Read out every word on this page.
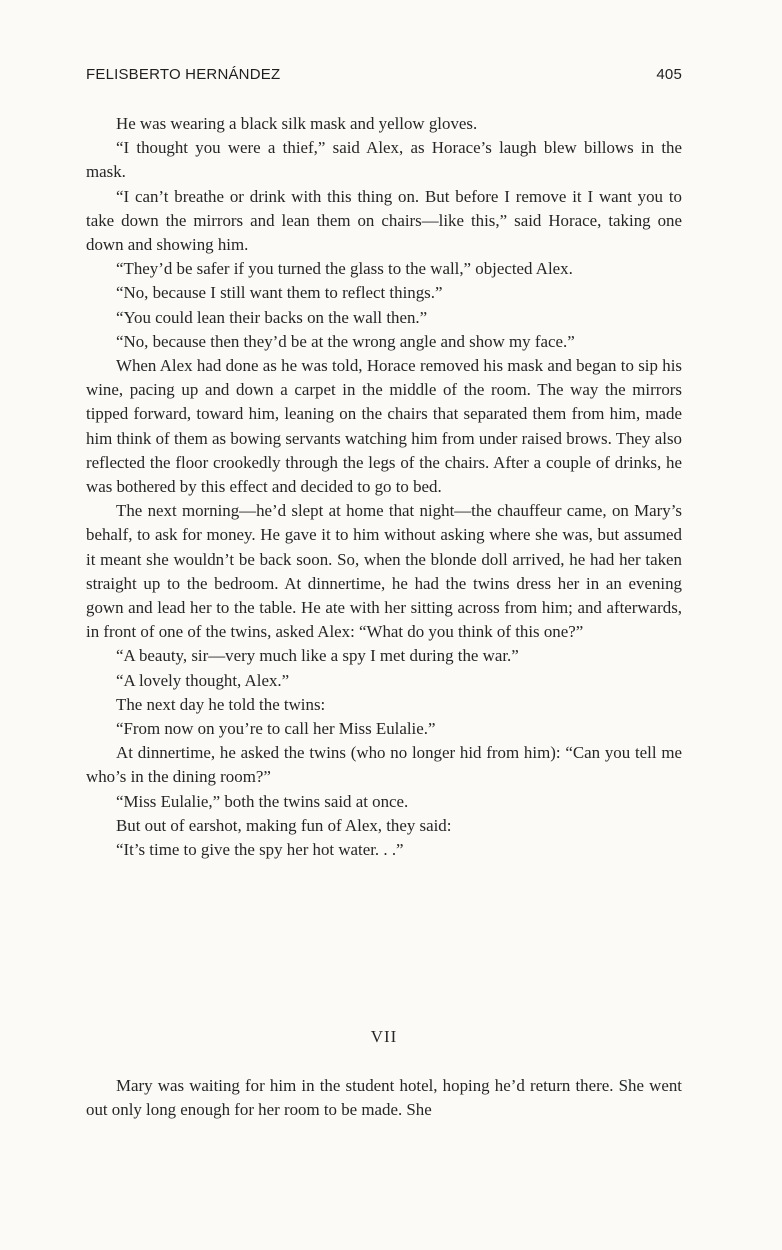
FELISBERTO HERNÁNDEZ	405

He was wearing a black silk mask and yellow gloves.

“I thought you were a thief,” said Alex, as Horace’s laugh blew billows in the mask.

“I can’t breathe or drink with this thing on. But before I remove it I want you to take down the mirrors and lean them on chairs—like this,” said Horace, taking one down and showing him.

“They’d be safer if you turned the glass to the wall,” objected Alex.

“No, because I still want them to reflect things.”

“You could lean their backs on the wall then.”

“No, because then they’d be at the wrong angle and show my face.”

When Alex had done as he was told, Horace removed his mask and began to sip his wine, pacing up and down a carpet in the middle of the room. The way the mirrors tipped forward, toward him, leaning on the chairs that separated them from him, made him think of them as bowing servants watching him from under raised brows. They also reflected the floor crookedly through the legs of the chairs. After a couple of drinks, he was bothered by this effect and decided to go to bed.

The next morning—he’d slept at home that night—the chauffeur came, on Mary’s behalf, to ask for money. He gave it to him without asking where she was, but assumed it meant she wouldn’t be back soon. So, when the blonde doll arrived, he had her taken straight up to the bedroom. At dinnertime, he had the twins dress her in an evening gown and lead her to the table. He ate with her sitting across from him; and afterwards, in front of one of the twins, asked Alex: “What do you think of this one?”

“A beauty, sir—very much like a spy I met during the war.”

“A lovely thought, Alex.”

The next day he told the twins:

“From now on you’re to call her Miss Eulalie.”

At dinnertime, he asked the twins (who no longer hid from him): “Can you tell me who’s in the dining room?”

“Miss Eulalie,” both the twins said at once.

But out of earshot, making fun of Alex, they said:

“It’s time to give the spy her hot water. . .”

VII

Mary was waiting for him in the student hotel, hoping he’d return there. She went out only long enough for her room to be made. She
